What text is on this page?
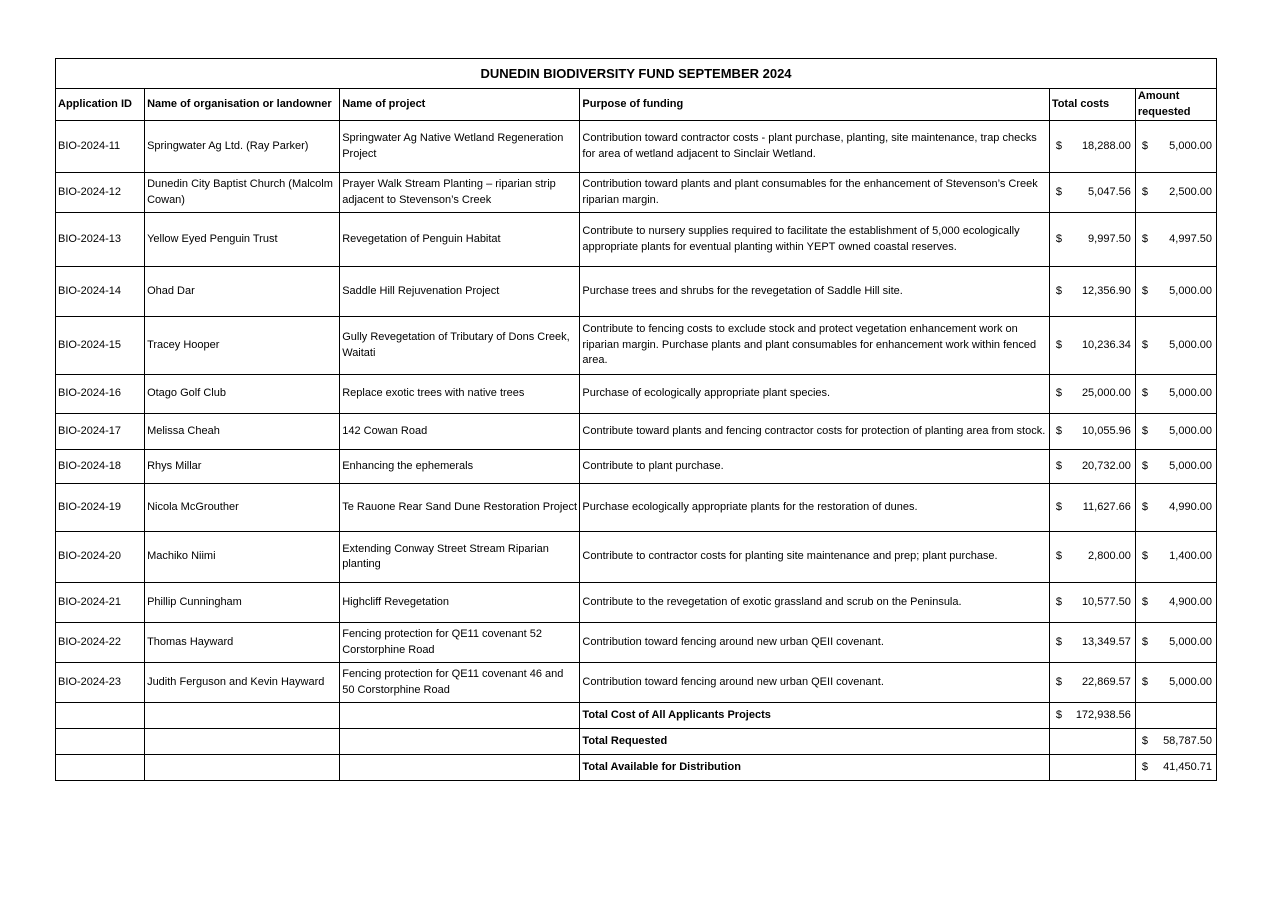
DUNEDIN BIODIVERSITY FUND SEPTEMBER 2024					
Application ID	Name of organisation or landowner	Name of project	Purpose of funding	Total costs	Amount requested
BIO-2024-11	Springwater Ag Ltd. (Ray Parker)	Springwater Ag Native Wetland Regeneration Project	Contribution toward contractor costs - plant purchase, planting, site maintenance, trap checks for area of wetland adjacent to Sinclair Wetland.	$ 18,288.00	$ 5,000.00

BIO-2024-12	Dunedin City Baptist Church (Malcolm Cowan)	Prayer Walk Stream Planting – riparian strip adjacent to Stevenson’s Creek	Contribution toward plants and plant consumables for the enhancement of Stevenson’s Creek riparian margin.	$ 5,047.56	$ 2,500.00

BIO-2024-13	Yellow Eyed Penguin Trust	Revegetation of Penguin Habitat	Contribute to nursery supplies required to facilitate the establishment of 5,000 ecologically appropriate plants for eventual planting within YEPT owned coastal reserves.	$ 9,997.50	$ 4,997.50

BIO-2024-14	Ohad Dar	Saddle Hill Rejuvenation Project	Purchase trees and shrubs for the revegetation of Saddle Hill site.	$ 12,356.90	$ 5,000.00

BIO-2024-15	Tracey Hooper	Gully Revegetation of Tributary of Dons Creek, Waitati	Contribute to fencing costs to exclude stock and protect vegetation enhancement work on riparian margin. Purchase plants and plant consumables for enhancement work within fenced area.	$ 10,236.34	$ 5,000.00

BIO-2024-16	Otago Golf Club	Replace exotic trees with native trees	Purchase of ecologically appropriate plant species.	$ 25,000.00	$ 5,000.00

BIO-2024-17	Melissa Cheah	142 Cowan Road	Contribute toward plants and fencing contractor costs for protection of planting area from stock.	$ 10,055.96	$ 5,000.00

BIO-2024-18	Rhys Millar	Enhancing the ephemerals	Contribute to plant purchase.	$ 20,732.00	$ 5,000.00

BIO-2024-19	Nicola McGrouther	Te Rauone Rear Sand Dune Restoration Project	Purchase ecologically appropriate plants for the restoration of dunes.	$ 11,627.66	$ 4,990.00

BIO-2024-20	Machiko Niimi	Extending Conway Street Stream Riparian planting	Contribute to contractor costs for planting site maintenance and prep; plant purchase.	$ 2,800.00	$ 1,400.00

BIO-2024-21	Phillip Cunningham	Highcliff Revegetation	Contribute to the revegetation of exotic grassland and scrub on the Peninsula.	$ 10,577.50	$ 4,900.00

BIO-2024-22	Thomas Hayward	Fencing protection for QE11 covenant 52 Corstorphine Road	Contribution toward fencing around new urban QEII covenant.	$ 13,349.57	$ 5,000.00

BIO-2024-23	Judith Ferguson and Kevin Hayward	Fencing protection for QE11 covenant 46 and 50 Corstorphine Road	Contribution toward fencing around new urban QEII covenant.	$ 22,869.57	$ 5,000.00

			Total Cost of All Applicants Projects	$ 172,938.56	

			Total Requested		$ 58,787.50

			Total Available for Distribution		$ 41,450.71
